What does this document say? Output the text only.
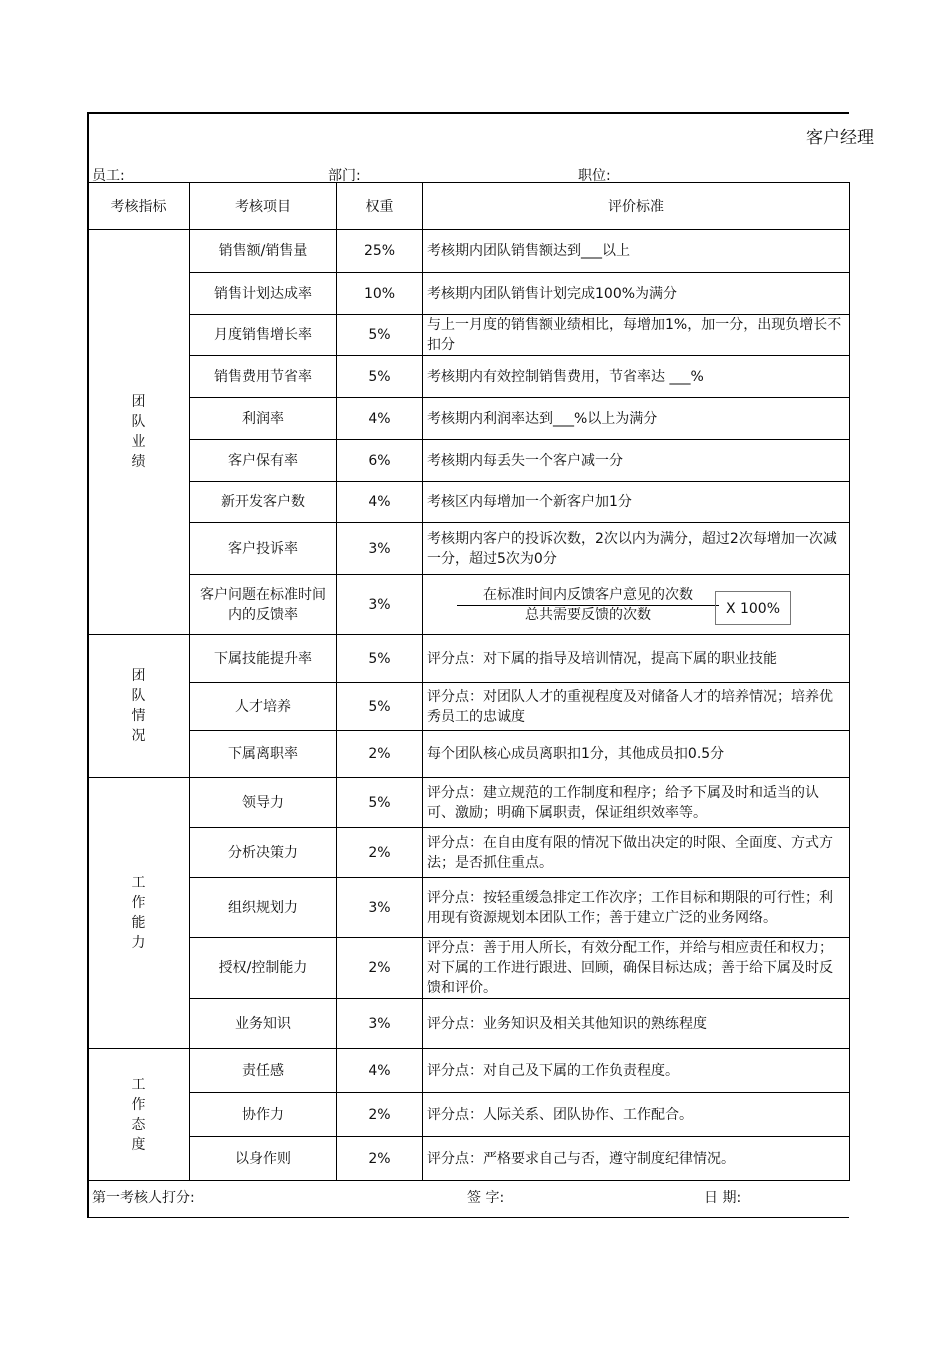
客户经理
员工:	部门:	职位:
考核指标	考核项目	权重	评价标准

团
队
业
绩	销售额/销售量	25%	考核期内团队销售额达到___以上
	销售计划达成率	10%	考核期内团队销售计划完成100%为满分
	月度销售增长率	5%	与上一月度的销售额业绩相比，每增加1%，加一分，出现负增长不扣分
	销售费用节省率	5%	考核期内有效控制销售费用，节省率达 ___%
	利润率	4%	考核期内利润率达到___%以上为满分
	客户保有率	6%	考核期内每丢失一个客户减一分
	新开发客户数	4%	考核区内每增加一个新客户加1分
	客户投诉率	3%	考核期内客户的投诉次数，2次以内为满分，超过2次每增加一次减一分，超过5次为0分
	客户问题在标准时间内的反馈率	3%	在标准时间内反馈客户意见的次数
总共需要反馈的次数 X 100%

团
队
情
况	下属技能提升率	5%	评分点：对下属的指导及培训情况，提高下属的职业技能
	人才培养	5%	评分点：对团队人才的重视程度及对储备人才的培养情况；培养优秀员工的忠诚度
	下属离职率	2%	每个团队核心成员离职扣1分，其他成员扣0.5分

工
作
能
力	领导力	5%	评分点：建立规范的工作制度和程序；给予下属及时和适当的认可、激励；明确下属职责，保证组织效率等。
	分析决策力	2%	评分点：在自由度有限的情况下做出决定的时限、全面度、方式方法；是否抓住重点。
	组织规划力	3%	评分点：按轻重缓急排定工作次序；工作目标和期限的可行性；利用现有资源规划本团队工作；善于建立广泛的业务网络。
	授权/控制能力	2%	评分点：善于用人所长，有效分配工作，并给与相应责任和权力；对下属的工作进行跟进、回顾，确保目标达成；善于给下属及时反馈和评价。
	业务知识	3%	评分点：业务知识及相关其他知识的熟练程度

工
作
态
度	责任感	4%	评分点：对自己及下属的工作负责程度。
	协作力	2%	评分点：人际关系、团队协作、工作配合。
	以身作则	2%	评分点：严格要求自己与否，遵守制度纪律情况。
第一考核人打分:	签 字:	日 期:
